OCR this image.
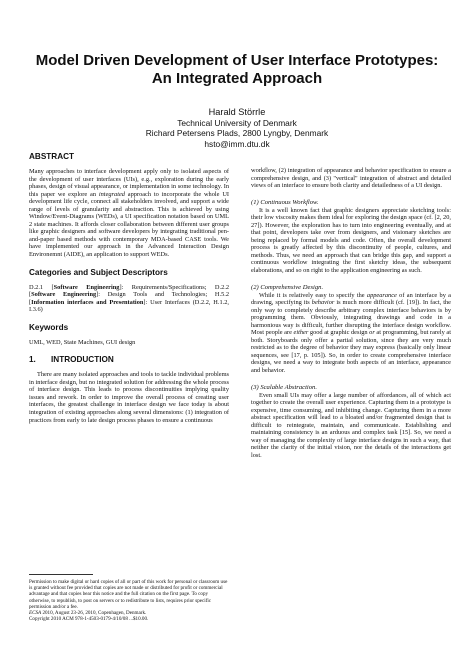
Model Driven Development of User Interface Prototypes:
An Integrated Approach
Harald Störrle
Technical University of Denmark
Richard Petersens Plads, 2800 Lyngby, Denmark
hsto@imm.dtu.dk
ABSTRACT

Many approaches to interface development apply only to isolated aspects of the development of user interfaces (UIs), e.g., exploration during the early phases, design of visual appearance, or implementation in some technology. In this paper we explore an integrated approach to incorporate the whole UI development life cycle, connect all stakeholders involved, and support a wide range of levels of granularity and abstraction. This is achieved by using Window/Event-Diagrams (WEDs), a UI specification notation based on UML 2 state machines. It affords closer collaboration between different user groups like graphic designers and software developers by integrating traditional pen-and-paper based methods with contemporary MDA-based CASE tools. We have implemented our approach in the Advanced Interaction Design Environemnt (AIDE), an application to support WEDs.

Categories and Subject Descriptors

D.2.1 [Software Engineering]: Requirements/Specifications; D.2.2 [Software Engineering]: Design Tools and Technologies; H.5.2 [Information interfaces and Presentation]: User Interfaces (D.2.2, H.1.2, I.3.6)

Keywords

UML, WED, State Machines, GUI design

1. INTRODUCTION

There are many isolated approaches and tools to tackle individual problems in interface design, but no integrated solution for addressing the whole process of interface design. This leads to process discontinuities implying quality issues and rework. In order to improve the overall process of creating user interfaces, the greatest challenge in interface design we face today is about integration of existing approaches along several dimensions: (1) integration of practices from early to late design process phases to ensure a continuous

Permission to make digital or hard copies of all or part of this work for personal or classroom use is granted without fee provided that copies are not made or distributed for profit or commercial advantage and that copies bear this notice and the full citation on the first page. To copy otherwise, to republish, to post on servers or to redistribute to lists, requires prior specific permission and/or a fee.

ECSA 2010, August 23-26, 2010, Copenhagen, Denmark.

Copyright 2010 ACM 978-1-4503-0179-4/10/08 ...$10.00.

workflow, (2) integration of appearance and behavior specification to ensure a comprehensive design, and (3) "vertical" integration of abstract and detailed views of an interface to ensure both clarity and detailedness of a UI design.

(1) Continuous Workflow.

It is a well known fact that graphic designers appreciate sketching tools: their low viscosity makes them ideal for exploring the design space (cf. [2, 20, 27]). However, the exploration has to turn into engineering eventually, and at that point, developers take over from designers, and visionary sketches are being replaced by formal models and code. Often, the overall development process is greatly affected by this discontinuity of people, cultures, and methods. Thus, we need an approach that can bridge this gap, and support a continuous workflow integrating the first sketchy ideas, the subsequent elaborations, and so on right to the application engineering as such.

(2) Comprehensive Design.

While it is relatively easy to specify the appearance of an interface by a drawing, specifying its behavior is much more difficult (cf. [19]). In fact, the only way to completely describe arbitrary complex interface behaviors is by programming them. Obviously, integrating drawings and code in a harmonious way is difficult, further disrupting the interface design workflow. Most people are either good at graphic design or at programming, but rarely at both. Storyboards only offer a partial solution, since they are very much restricted as to the degree of behavior they may express (basically only linear sequences, see [17, p. 105]). So, in order to create comprehensive interface designs, we need a way to integrate both aspects of an interface, appearance and behavior.

(3) Scalable Abstraction.

Even small UIs may offer a large number of affordances, all of which act together to create the overall user experience. Capturing them in a prototype is expensive, time consuming, and inhibiting change. Capturing them in a more abstract specification will lead to a bloated and/or fragmented design that is difficult to reintegrate, maintain, and communicate. Establishing and maintaining consistency is an arduous and complex task [15]. So, we need a way of managing the complexity of large interface designs in such a way, that neither the clarity of the initial vision, nor the details of the interactions get lost.
